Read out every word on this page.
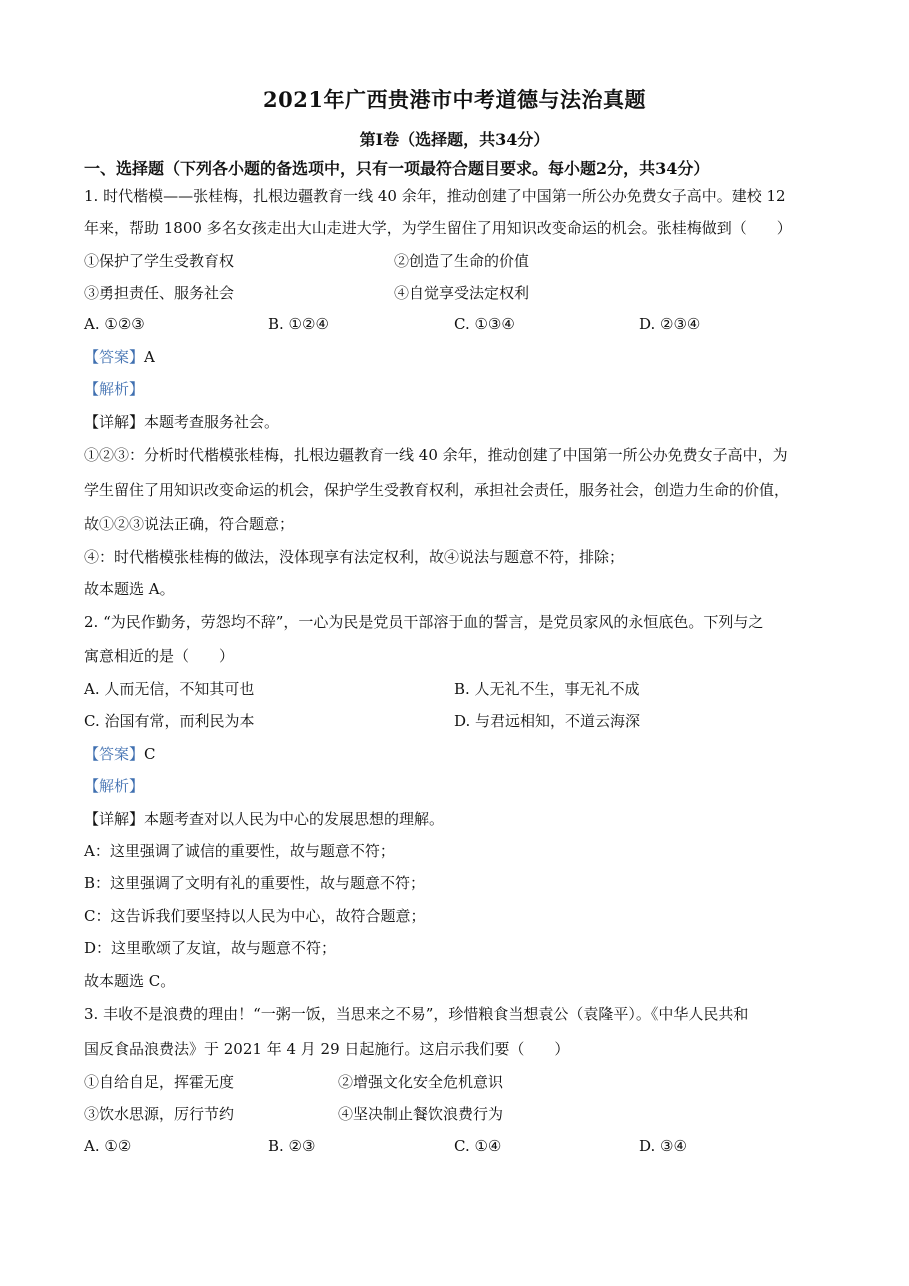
2021年广西贵港市中考道德与法治真题
第Ⅰ卷（选择题，共34分）
一、选择题（下列各小题的备选项中，只有一项最符合题目要求。每小题2分，共34分）
1. 时代楷模——张桂梅，扎根边疆教育一线 40 余年，推动创建了中国第一所公办免费女子高中。建校 12
年来，帮助 1800 多名女孩走出大山走进大学，为学生留住了用知识改变命运的机会。张桂梅做到（　　）
①保护了学生受教育权	②创造了生命的价值
③勇担责任、服务社会	④自觉享受法定权利
A. ①②③	B. ①②④	C. ①③④	D. ②③④
【答案】A
【解析】
【详解】本题考查服务社会。
①②③：分析时代楷模张桂梅，扎根边疆教育一线 40 余年，推动创建了中国第一所公办免费女子高中，为
学生留住了用知识改变命运的机会，保护学生受教育权利，承担社会责任，服务社会，创造力生命的价值，
故①②③说法正确，符合题意；
④：时代楷模张桂梅的做法，没体现享有法定权利，故④说法与题意不符，排除；
故本题选 A。
2. “为民作勤务，劳怨均不辞”，一心为民是党员干部溶于血的誓言，是党员家风的永恒底色。下列与之
寓意相近的是（　　）
A. 人而无信，不知其可也	B. 人无礼不生，事无礼不成
C. 治国有常，而利民为本	D. 与君远相知，不道云海深
【答案】C
【解析】
【详解】本题考查对以人民为中心的发展思想的理解。
A：这里强调了诚信的重要性，故与题意不符；
B：这里强调了文明有礼的重要性，故与题意不符；
C：这告诉我们要坚持以人民为中心，故符合题意；
D：这里歌颂了友谊，故与题意不符；
故本题选 C。
3. 丰收不是浪费的理由！“一粥一饭，当思来之不易”，珍惜粮食当想袁公（袁隆平）。《中华人民共和
国反食品浪费法》于 2021 年 4 月 29 日起施行。这启示我们要（　　）
①自给自足，挥霍无度	②增强文化安全危机意识
③饮水思源，厉行节约	④坚决制止餐饮浪费行为
A. ①②	B. ②③	C. ①④	D. ③④
